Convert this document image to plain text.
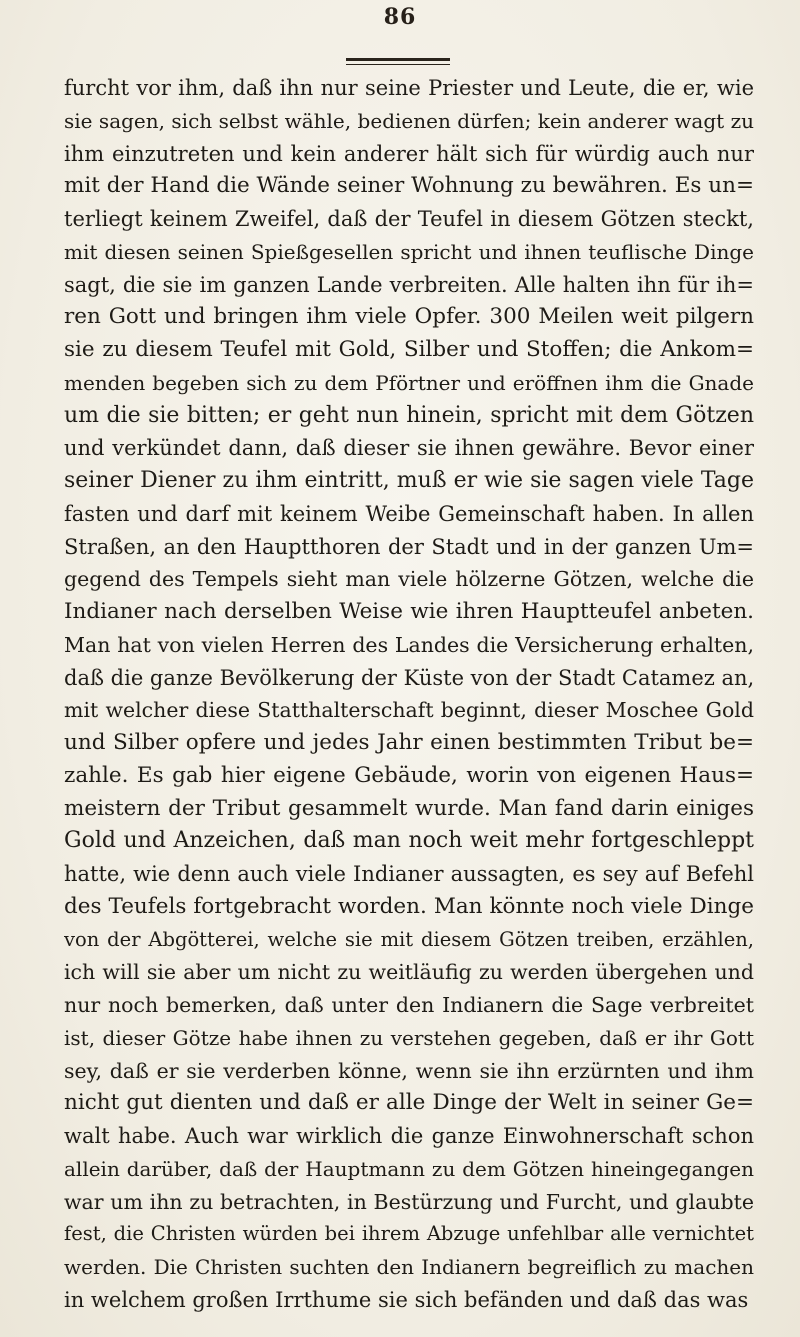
86
furcht vor ihm, daß ihn nur seine Priester und Leute, die er, wie
sie sagen, sich selbst wähle, bedienen dürfen; kein anderer wagt zu
ihm einzutreten und kein anderer hält sich für würdig auch nur
mit der Hand die Wände seiner Wohnung zu bewähren. Es un=
terliegt keinem Zweifel, daß der Teufel in diesem Götzen steckt,
mit diesen seinen Spießgesellen spricht und ihnen teuflische Dinge
sagt, die sie im ganzen Lande verbreiten. Alle halten ihn für ih=
ren Gott und bringen ihm viele Opfer. 300 Meilen weit pilgern
sie zu diesem Teufel mit Gold, Silber und Stoffen; die Ankom=
menden begeben sich zu dem Pförtner und eröffnen ihm die Gnade
um die sie bitten; er geht nun hinein, spricht mit dem Götzen
und verkündet dann, daß dieser sie ihnen gewähre. Bevor einer
seiner Diener zu ihm eintritt, muß er wie sie sagen viele Tage
fasten und darf mit keinem Weibe Gemeinschaft haben. In allen
Straßen, an den Hauptthoren der Stadt und in der ganzen Um=
gegend des Tempels sieht man viele hölzerne Götzen, welche die
Indianer nach derselben Weise wie ihren Hauptteufel anbeten.
Man hat von vielen Herren des Landes die Versicherung erhalten,
daß die ganze Bevölkerung der Küste von der Stadt Catamez an,
mit welcher diese Statthalterschaft beginnt, dieser Moschee Gold
und Silber opfere und jedes Jahr einen bestimmten Tribut be=
zahle. Es gab hier eigene Gebäude, worin von eigenen Haus=
meistern der Tribut gesammelt wurde. Man fand darin einiges
Gold und Anzeichen, daß man noch weit mehr fortgeschleppt
hatte, wie denn auch viele Indianer aussagten, es sey auf Befehl
des Teufels fortgebracht worden. Man könnte noch viele Dinge
von der Abgötterei, welche sie mit diesem Götzen treiben, erzählen,
ich will sie aber um nicht zu weitläufig zu werden übergehen und
nur noch bemerken, daß unter den Indianern die Sage verbreitet
ist, dieser Götze habe ihnen zu verstehen gegeben, daß er ihr Gott
sey, daß er sie verderben könne, wenn sie ihn erzürnten und ihm
nicht gut dienten und daß er alle Dinge der Welt in seiner Ge=
walt habe. Auch war wirklich die ganze Einwohnerschaft schon
allein darüber, daß der Hauptmann zu dem Götzen hineingegangen
war um ihn zu betrachten, in Bestürzung und Furcht, und glaubte
fest, die Christen würden bei ihrem Abzuge unfehlbar alle vernichtet
werden. Die Christen suchten den Indianern begreiflich zu machen
in welchem großen Irrthume sie sich befänden und daß das was
